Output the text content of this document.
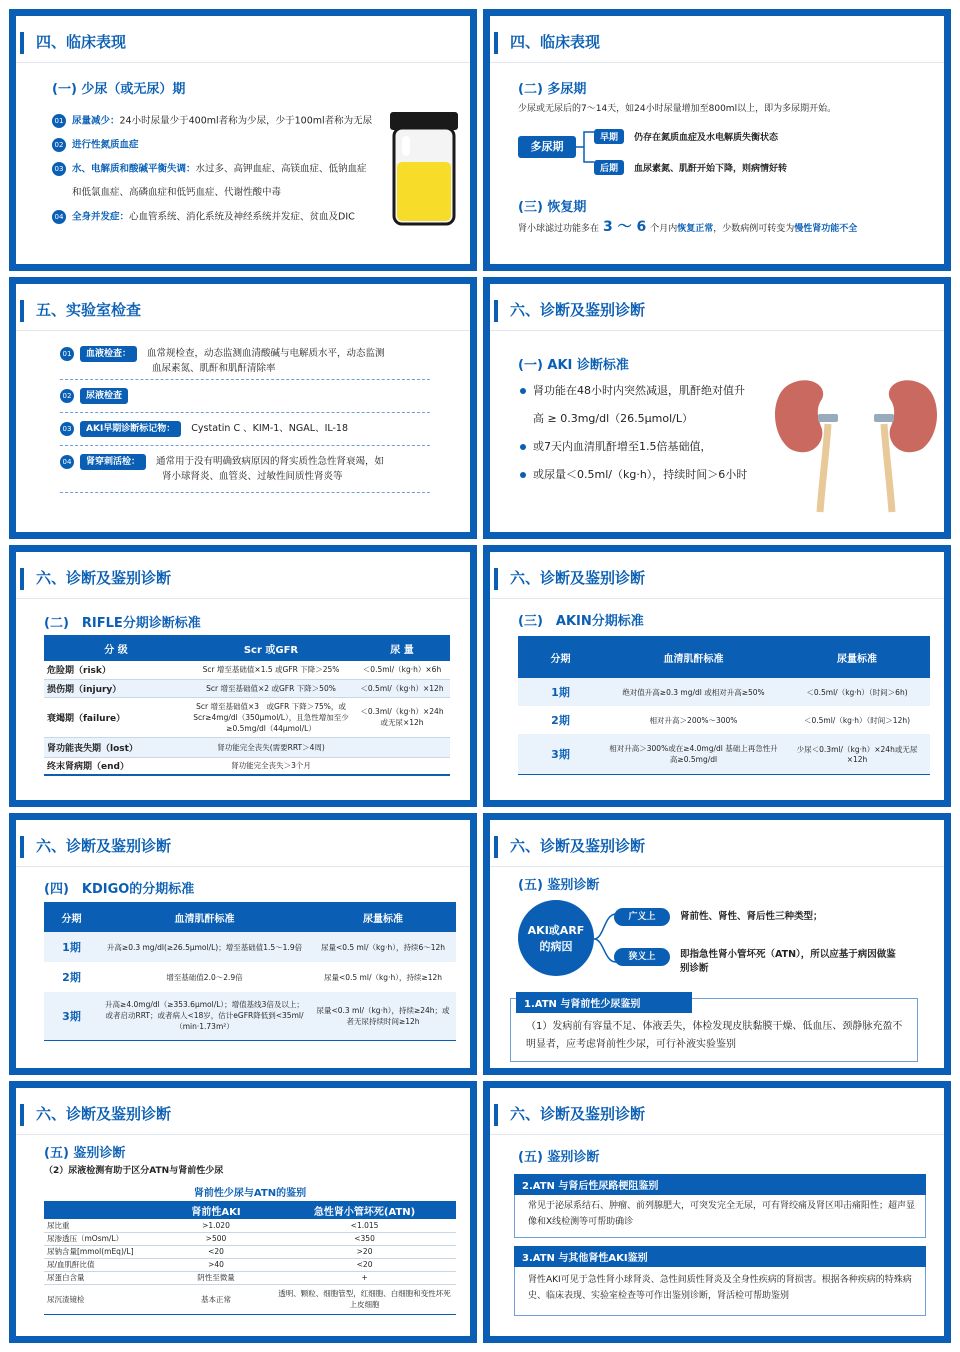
四、临床表现
(一) 少尿（或无尿）期
01 尿量减少：24小时尿量少于400ml者称为少尿，少于100ml者称为无尿
02 进行性氮质血症
03 水、电解质和酸碱平衡失调：水过多、高钾血症、高镁血症、低钠血症
和低氯血症、高磷血症和低钙血症、代谢性酸中毒
04 全身并发症：心血管系统、消化系统及神经系统并发症、贫血及DIC
四、临床表现
(二) 多尿期
少尿或无尿后的7～14天，如24小时尿量增加至800ml以上，即为多尿期开始。
多尿期
早期 仍存在氮质血症及水电解质失衡状态
后期 血尿素氮、肌酐开始下降，则病情好转
(三) 恢复期
肾小球滤过功能多在 3 ～ 6 个月内恢复正常，少数病例可转变为慢性肾功能不全
五、实验室检查
01 血液检查： 血常规检查，动态监测血清酸碱与电解质水平，动态监测
血尿素氮、肌酐和肌酐清除率
02 尿液检查
03 AKI早期诊断标记物： Cystatin C 、KIM-1、NGAL、IL-18
04 肾穿刺活检： 通常用于没有明确致病原因的肾实质性急性肾衰竭，如
肾小球肾炎、血管炎、过敏性间质性肾炎等
六、诊断及鉴别诊断
(一) AKI 诊断标准
肾功能在48小时内突然减退，肌酐绝对值升
高 ≥ 0.3mg/dl（26.5μmol/L）
或7天内血清肌酐增至1.5倍基础值，
或尿量＜0.5ml/（kg·h），持续时间＞6小时
六、诊断及鉴别诊断
(二)　RIFLE分期诊断标准
分 级	Scr 或GFR	尿 量
危险期（risk）	Scr 增至基础值×1.5 或GFR 下降＞25%	＜0.5ml/（kg·h）×6h
损伤期（injury）	Scr 增至基础值×2 或GFR 下降＞50%	＜0.5ml/（kg·h）×12h
衰竭期（failure）	Scr 增至基础值×3　或GFR 下降＞75%，或Scr≥4mg/dl（350μmol/L），且急性增加至少≥0.5mg/dl（44μmol/L）	＜0.3ml/（kg·h）×24h 或无尿×12h
肾功能丧失期（lost）	肾功能完全丧失(需要RRT＞4周)	
终末肾病期（end）	肾功能完全丧失＞3个月	
六、诊断及鉴别诊断
(三)　AKIN分期标准
分期	血清肌酐标准	尿量标准
1期	绝对值升高≥0.3 mg/dl 或相对升高≥50%	＜0.5ml/（kg·h）（时间＞6h)
2期	相对升高＞200%～300%	＜0.5ml/（kg·h）（时间＞12h)
3期	相对升高＞300%或在≥4.0mg/dl 基础上再急性升高≥0.5mg/dl	少尿＜0.3ml/（kg·h）×24h或无尿×12h
六、诊断及鉴别诊断
(四)　KDIGO的分期标准
分期	血清肌酐标准	尿量标准
1期	升高≥0.3 mg/dl(≥26.5μmol/L)；增至基础值1.5～1.9倍	尿量<0.5 ml/（kg·h），持续6～12h
2期	增至基础值2.0～2.9倍	尿量<0.5 ml/（kg·h），持续≥12h
3期	升高≥4.0mg/dl（≥353.6μmol/L）；增值基线3倍及以上；或者启动RRT；或者病人<18岁，估计eGFR降低到<35ml/（min·1.73m²）	尿量<0.3 ml/（kg·h），持续≥24h；或者无尿持续时间≥12h
六、诊断及鉴别诊断
(五) 鉴别诊断
AKI或ARF的病因
广义上	肾前性、肾性、肾后性三种类型；
狭义上	即指急性肾小管坏死（ATN），所以应基于病因做鉴别诊断
1.ATN 与肾前性少尿鉴别
（1）发病前有容量不足、体液丢失，体检发现皮肤黏膜干燥、低血压、颈静脉充盈不明显者，应考虑肾前性少尿，可行补液实验鉴别
六、诊断及鉴别诊断
(五) 鉴别诊断
（2）尿液检测有助于区分ATN与肾前性少尿
肾前性少尿与ATN的鉴别
	肾前性AKI	急性肾小管坏死(ATN)
尿比重	>1.020	<1.015
尿渗透压（mOsm/L）	>500	<350
尿钠含量[mmol(mEq)/L]	<20	>20
尿/血肌酐比值	>40	<20
尿蛋白含量	阴性至微量	+
尿沉渣镜检	基本正常	透明、颗粒、细胞管型，红细胞、白细胞和变性坏死上皮细胞
六、诊断及鉴别诊断
(五) 鉴别诊断
2.ATN 与肾后性尿路梗阻鉴别
常见于泌尿系结石、肿瘤、前列腺肥大，可突发完全无尿，可有肾绞痛及肾区叩击痛阳性；超声显像和X线检测等可帮助确诊
3.ATN 与其他肾性AKI鉴别
肾性AKI可见于急性肾小球肾炎、急性间质性肾炎及全身性疾病的肾损害。根据各种疾病的特殊病史、临床表现、实验室检查等可作出鉴别诊断，肾活检可帮助鉴别
